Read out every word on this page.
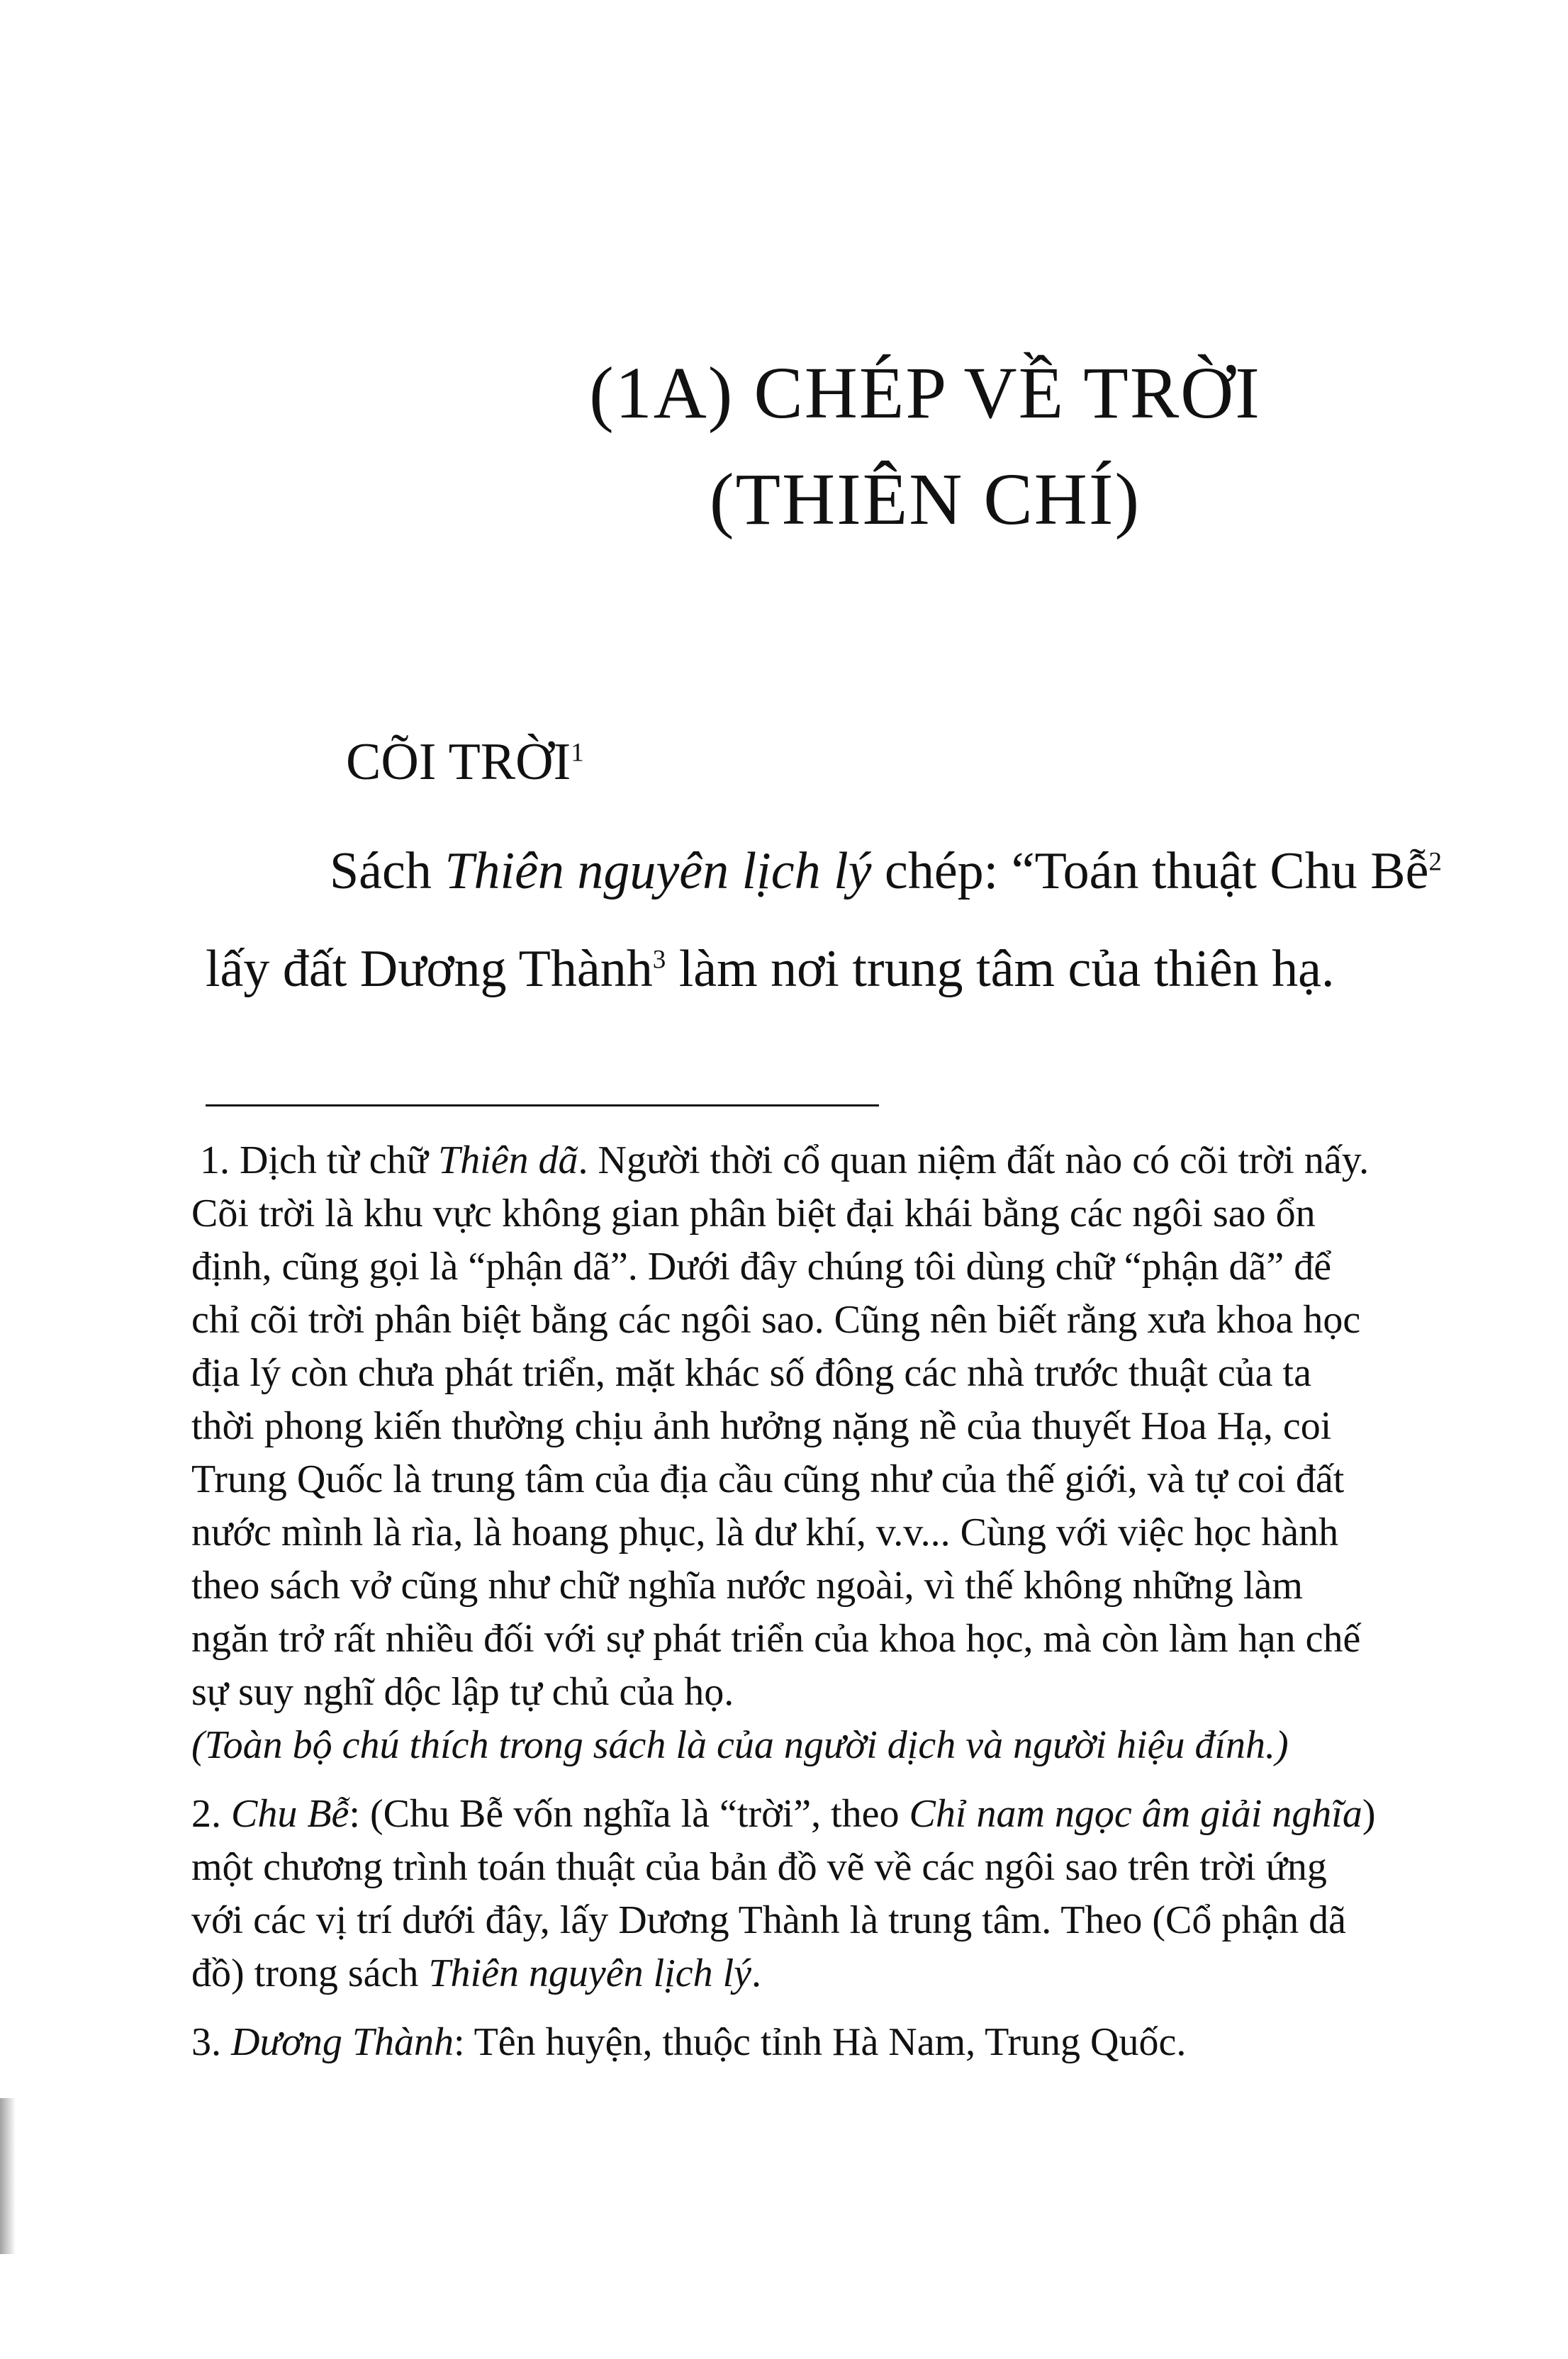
(1A) CHÉP VỀ TRỜI
(THIÊN CHÍ)
CÕI TRỜI$^1$

Sách Thiên nguyên lịch lý chép: “Toán thuật Chu Bễ$^2$
lấy đất Dương Thành$^3$ làm nơi trung tâm của thiên hạ.

1. Dịch từ chữ Thiên dã. Người thời cổ quan niệm đất nào có cõi trời nấy.
Cõi trời là khu vực không gian phân biệt đại khái bằng các ngôi sao ổn
định, cũng gọi là “phận dã”. Dưới đây chúng tôi dùng chữ “phận dã” để
chỉ cõi trời phân biệt bằng các ngôi sao. Cũng nên biết rằng xưa khoa học
địa lý còn chưa phát triển, mặt khác số đông các nhà trước thuật của ta
thời phong kiến thường chịu ảnh hưởng nặng nề của thuyết Hoa Hạ, coi
Trung Quốc là trung tâm của địa cầu cũng như của thế giới, và tự coi đất
nước mình là rìa, là hoang phục, là dư khí, v.v... Cùng với việc học hành
theo sách vở cũng như chữ nghĩa nước ngoài, vì thế không những làm
ngăn trở rất nhiều đối với sự phát triển của khoa học, mà còn làm hạn chế
sự suy nghĩ dộc lập tự chủ của họ.
(Toàn bộ chú thích trong sách là của người dịch và người hiệu đính.)
2. Chu Bễ: (Chu Bễ vốn nghĩa là “trời”, theo Chỉ nam ngọc âm giải nghĩa)
một chương trình toán thuật của bản đồ vẽ về các ngôi sao trên trời ứng
với các vị trí dưới đây, lấy Dương Thành là trung tâm. Theo (Cổ phận dã
đồ) trong sách Thiên nguyên lịch lý.
3. Dương Thành: Tên huyện, thuộc tỉnh Hà Nam, Trung Quốc.
